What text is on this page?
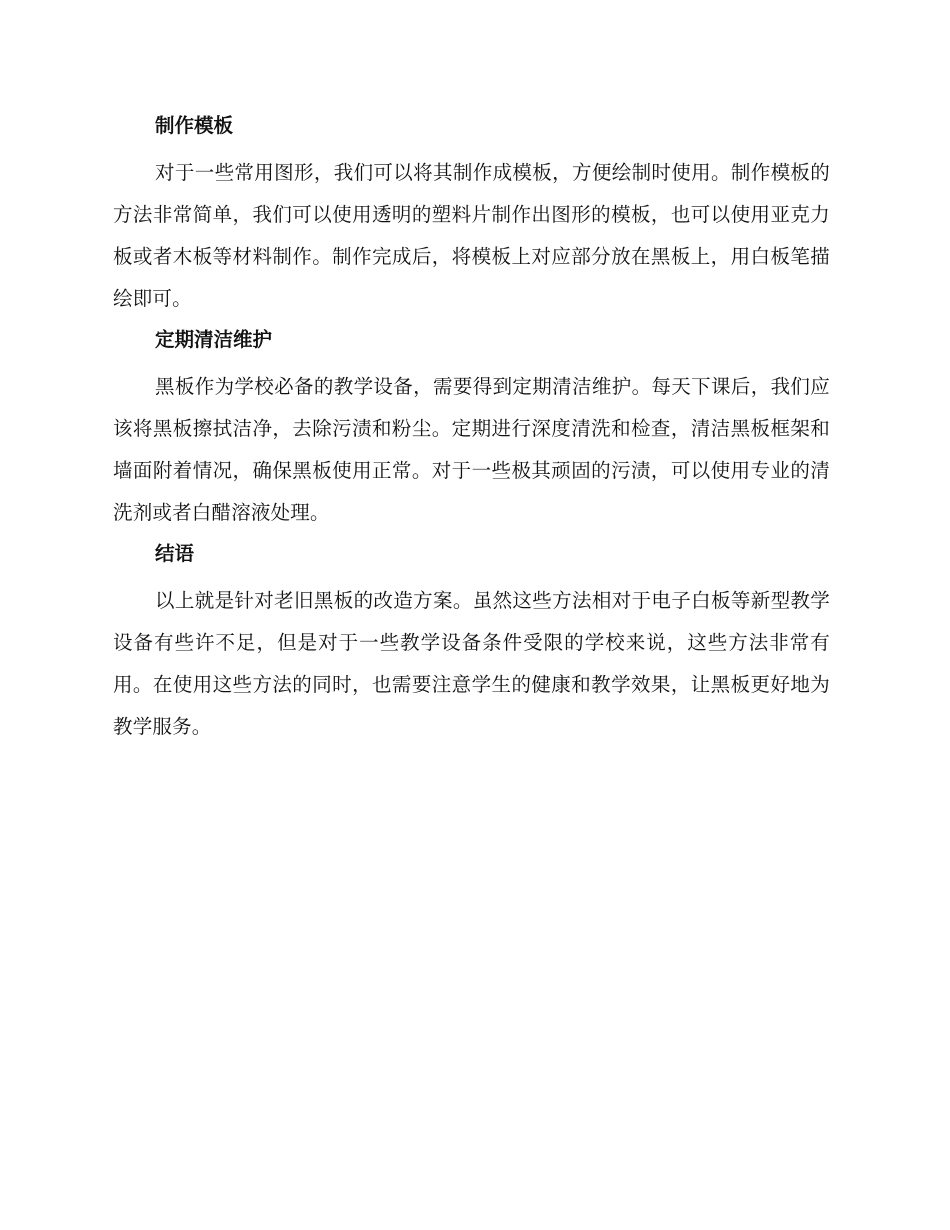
制作模板

对于一些常用图形，我们可以将其制作成模板，方便绘制时使用。制作模板的方法非常简单，我们可以使用透明的塑料片制作出图形的模板，也可以使用亚克力板或者木板等材料制作。制作完成后，将模板上对应部分放在黑板上，用白板笔描绘即可。

定期清洁维护

黑板作为学校必备的教学设备，需要得到定期清洁维护。每天下课后，我们应该将黑板擦拭洁净，去除污渍和粉尘。定期进行深度清洗和检查，清洁黑板框架和墙面附着情况，确保黑板使用正常。对于一些极其顽固的污渍，可以使用专业的清洗剂或者白醋溶液处理。

结语

以上就是针对老旧黑板的改造方案。虽然这些方法相对于电子白板等新型教学设备有些许不足，但是对于一些教学设备条件受限的学校来说，这些方法非常有用。在使用这些方法的同时，也需要注意学生的健康和教学效果，让黑板更好地为教学服务。
